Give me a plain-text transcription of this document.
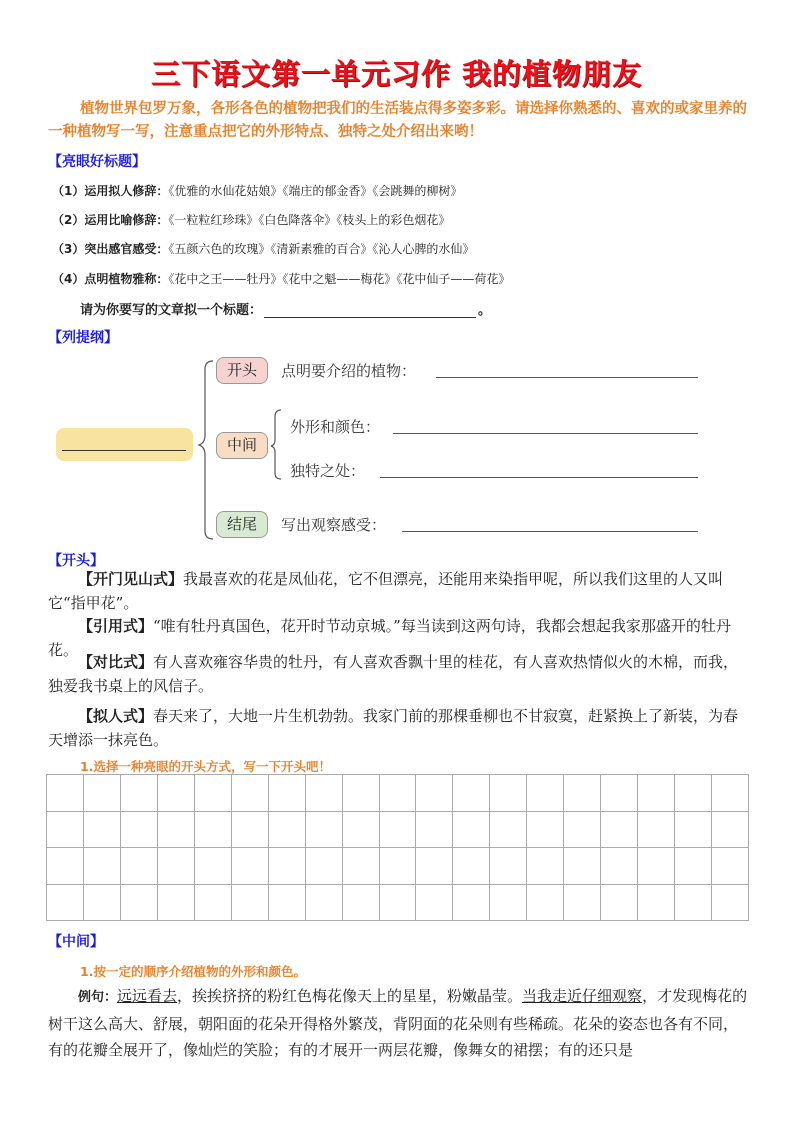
三下语文第一单元习作 我的植物朋友
植物世界包罗万象，各形各色的植物把我们的生活装点得多姿多彩。请选择你熟悉的、喜欢的或家里养的一种植物写一写，注意重点把它的外形特点、独特之处介绍出来哟！
【亮眼好标题】
（1）运用拟人修辞：《优雅的水仙花姑娘》《端庄的郁金香》《会跳舞的柳树》
（2）运用比喻修辞：《一粒粒红珍珠》《白色降落伞》《枝头上的彩色烟花》
（3）突出感官感受：《五颜六色的玫瑰》《清新素雅的百合》《沁人心脾的水仙》
（4）点明植物雅称：《花中之王——牡丹》《花中之魁——梅花》《花中仙子——荷花》
请为你要写的文章拟一个标题：	。
【列提纲】
开头	点明要介绍的植物：
中间
外形和颜色：
独特之处：
结尾	写出观察感受：
【开头】
【开门见山式】我最喜欢的花是凤仙花，它不但漂亮，还能用来染指甲呢，所以我们这里的人又叫它“指甲花”。
【引用式】“唯有牡丹真国色，花开时节动京城。”每当读到这两句诗，我都会想起我家那盛开的牡丹花。
【对比式】有人喜欢雍容华贵的牡丹，有人喜欢香飘十里的桂花，有人喜欢热情似火的木棉，而我，独爱我书桌上的风信子。
【拟人式】春天来了，大地一片生机勃勃。我家门前的那棵垂柳也不甘寂寞，赶紧换上了新装，为春天增添一抹亮色。
1.选择一种亮眼的开头方式，写一下开头吧！
【中间】
1.按一定的顺序介绍植物的外形和颜色。
例句：远远看去，挨挨挤挤的粉红色梅花像天上的星星，粉嫩晶莹。当我走近仔细观察，才发现梅花的树干这么高大、舒展，朝阳面的花朵开得格外繁茂，背阴面的花朵则有些稀疏。花朵的姿态也各有不同，有的花瓣全展开了，像灿烂的笑脸；有的才展开一两层花瓣，像舞女的裙摆；有的还只是
